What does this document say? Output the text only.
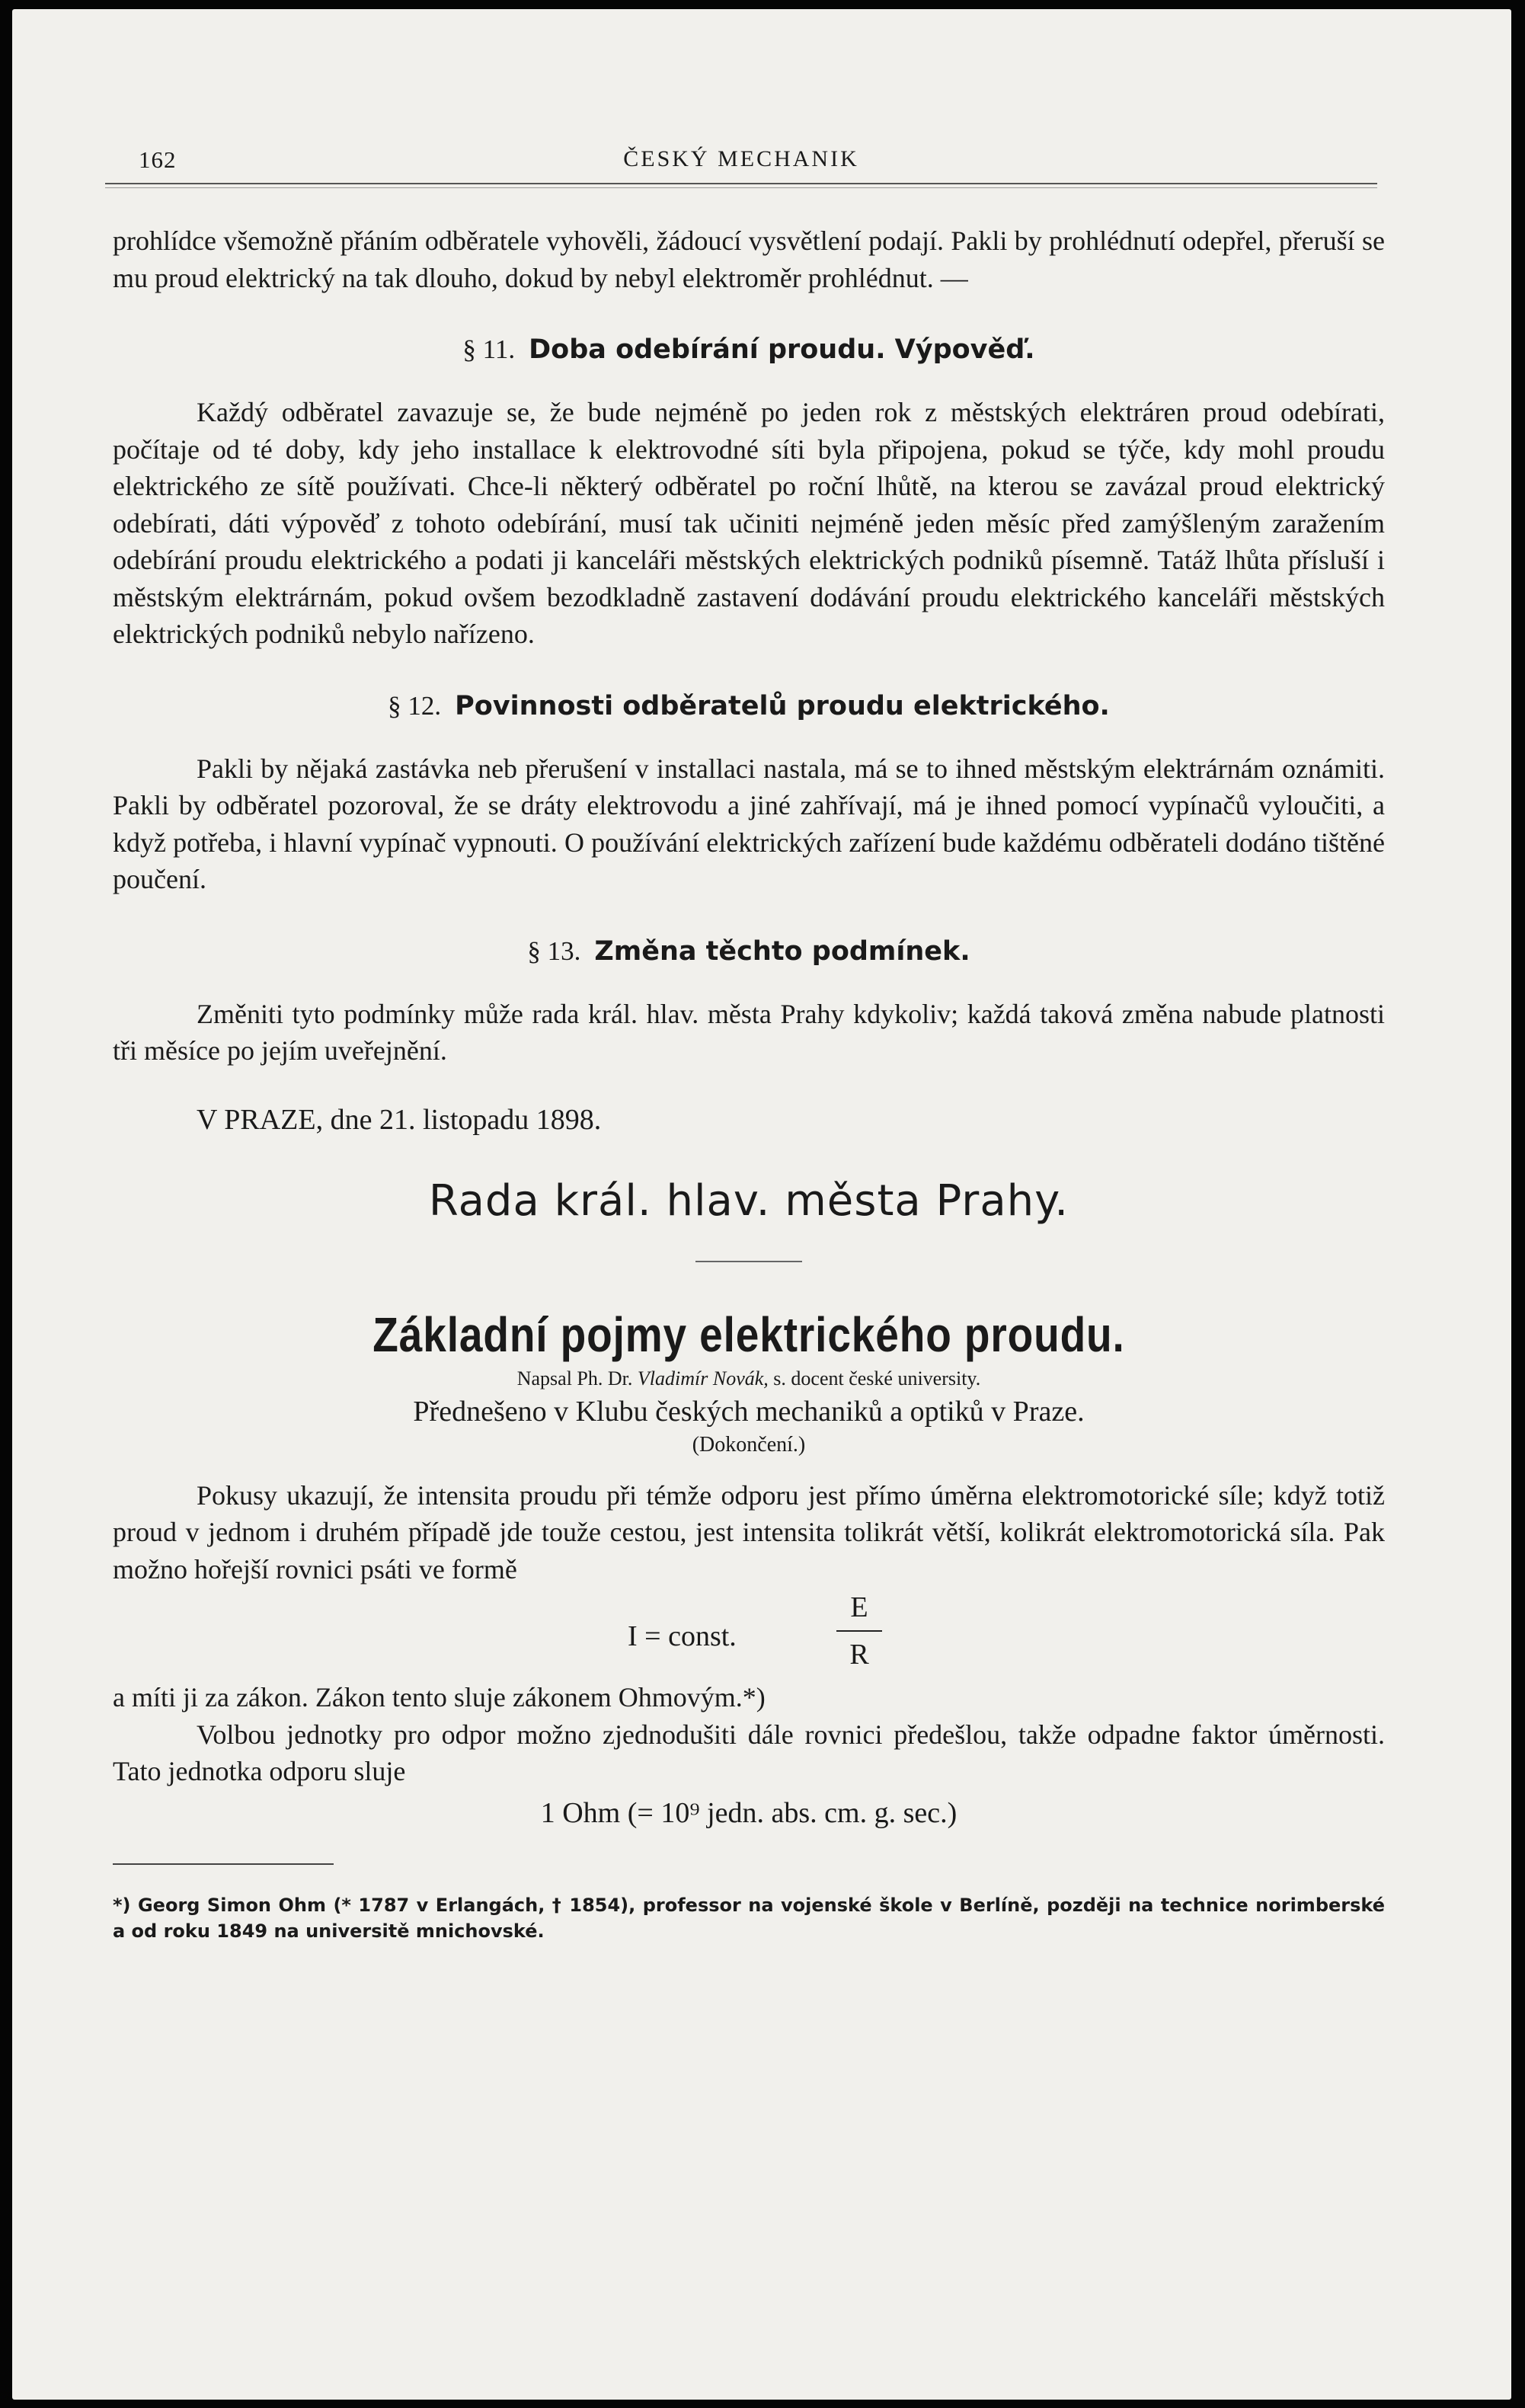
162	ČESKÝ MECHANIK

prohlídce všemožně přáním odběratele vyhověli, žádoucí vysvětlení podají. Pakli by prohlédnutí odepřel, přeruší se mu proud elektrický na tak dlouho, dokud by nebyl elektroměr prohlédnut. —

§ 11. Doba odebírání proudu. Výpověď.

Každý odběratel zavazuje se, že bude nejméně po jeden rok z městských elektráren proud odebírati, počítaje od té doby, kdy jeho installace k elektrovodné síti byla připojena, pokud se týče, kdy mohl proudu elektrického ze sítě používati. Chce-li některý odběratel po roční lhůtě, na kterou se zavázal proud elektrický odebírati, dáti výpověď z tohoto odebírání, musí tak učiniti nejméně jeden měsíc před zamýšleným zaražením odebírání proudu elektrického a podati ji kanceláři městských elektrických podniků písemně. Tatáž lhůta přísluší i městským elektrárnám, pokud ovšem bezodkladně zastavení dodávání proudu elektrického kanceláři městských elektrických podniků nebylo nařízeno.

§ 12. Povinnosti odběratelů proudu elektrického.

Pakli by nějaká zastávka neb přerušení v installaci nastala, má se to ihned městským elektrárnám oznámiti. Pakli by odběratel pozoroval, že se dráty elektrovodu a jiné zahřívají, má je ihned pomocí vypínačů vyloučiti, a když potřeba, i hlavní vypínač vypnouti. O používání elektrických zařízení bude každému odběrateli dodáno tištěné poučení.

§ 13. Změna těchto podmínek.

Změniti tyto podmínky může rada král. hlav. města Prahy kdykoliv; každá taková změna nabude platnosti tři měsíce po jejím uveřejnění.

V PRAZE, dne 21. listopadu 1898.
Rada král. hlav. města Prahy.
Základní pojmy elektrického proudu.
Napsal Ph. Dr. Vladimír Novák, s. docent české university.
Přednešeno v Klubu českých mechaniků a optiků v Praze.
(Dokončení.)

Pokusy ukazují, že intensita proudu při témže odporu jest přímo úměrna elektromotorické síle; když totiž proud v jednom i druhém případě jde touže cestou, jest intensita tolikrát větší, kolikrát elektromotorická síla. Pak možno hořejší rovnici psáti ve formě

I = const.
E
R

a míti ji za zákon. Zákon tento sluje zákonem Ohmovým.*)

Volbou jednotky pro odpor možno zjednodušiti dále rovnici předešlou, takže odpadne faktor úměrnosti. Tato jednotka odporu sluje

1 Ohm (= 10⁹ jedn. abs. cm. g. sec.)
*) Georg Simon Ohm (* 1787 v Erlangách, † 1854), professor na vojenské škole v Berlíně, později na technice norimberské a od roku 1849 na universitě mnichovské.
